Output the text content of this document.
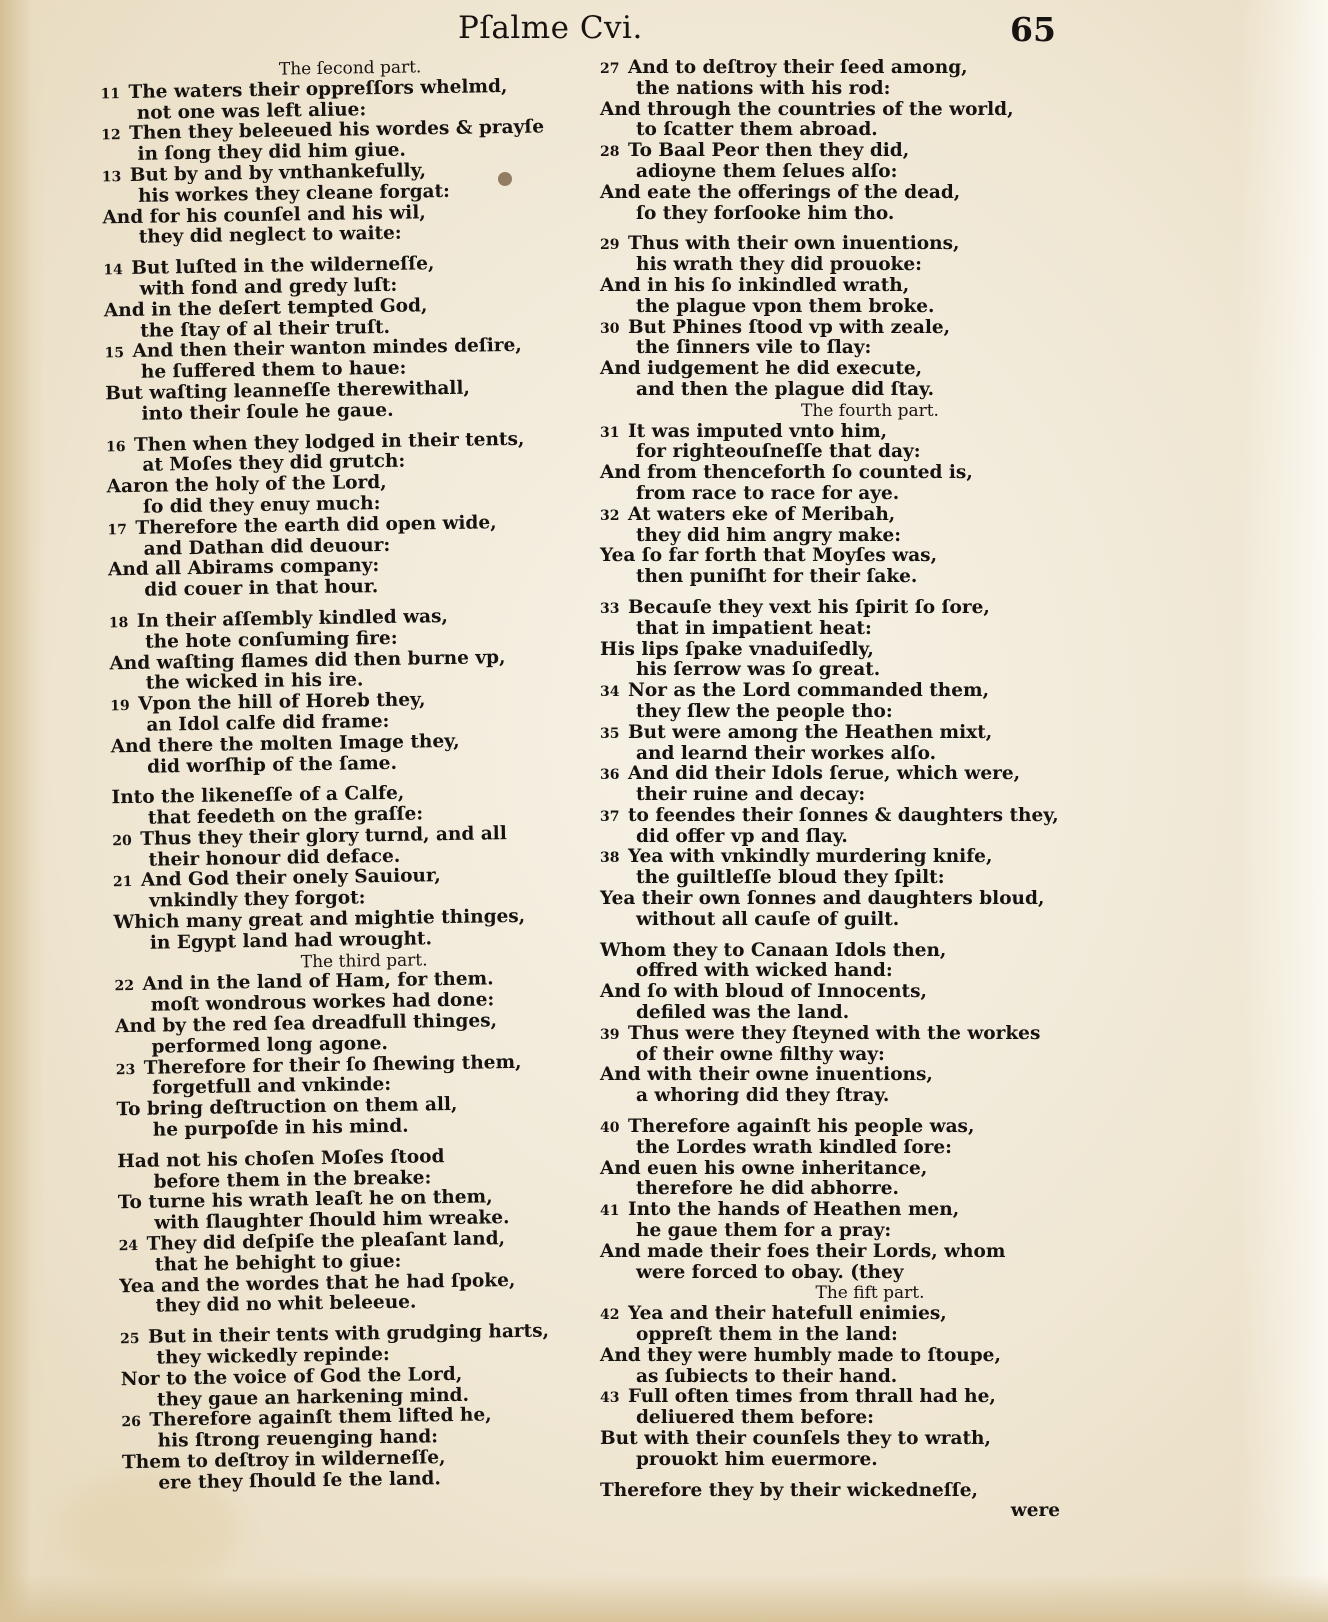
Pſalme Cvi.	65
The ſecond part.
11 The waters their oppreſſors whelmd,
not one was left aliue:
12 Then they beleeued his wordes & prayſe
in ſong they did him giue.
13 But by and by vnthankefully,
his workes they cleane forgat:
And for his counſel and his wil,
they did neglect to waite:
14 But luſted in the wilderneſſe,
with fond and gredy luſt:
And in the deſert tempted God,
the ſtay of al their truſt.
15 And then their wanton mindes deſire,
he ſuffered them to haue:
But waſting leanneſſe therewithall,
into their ſoule he gaue.
16 Then when they lodged in their tents,
at Moſes they did grutch:
Aaron the holy of the Lord,
ſo did they enuy much:
17 Therefore the earth did open wide,
and Dathan did deuour:
And all Abirams company:
did couer in that hour.
18 In their aſſembly kindled was,
the hote conſuming fire:
And waſting flames did then burne vp,
the wicked in his ire.
19 Vpon the hill of Horeb they,
an Idol calfe did frame:
And there the molten Image they,
did worſhip of the ſame.
Into the likeneſſe of a Calfe,
that feedeth on the graſſe:
20 Thus they their glory turnd, and all
their honour did deface.
21 And God their onely Sauiour,
vnkindly they forgot:
Which many great and mightie thinges,
in Egypt land had wrought.
The third part.
22 And in the land of Ham, for them.
moſt wondrous workes had done:
And by the red ſea dreadfull thinges,
performed long agone.
23 Therefore for their ſo ſhewing them,
forgetfull and vnkinde:
To bring deſtruction on them all,
he purpoſde in his mind.
Had not his choſen Moſes ſtood
before them in the breake:
To turne his wrath leaſt he on them,
with ſlaughter ſhould him wreake.
24 They did deſpiſe the pleaſant land,
that he behight to giue:
Yea and the wordes that he had ſpoke,
they did no whit beleeue.
25 But in their tents with grudging harts,
they wickedly repinde:
Nor to the voice of God the Lord,
they gaue an harkening mind.
26 Therefore againſt them lifted he,
his ſtrong reuenging hand:
Them to deſtroy in wilderneſſe,
ere they ſhould ſe the land.
27 And to deſtroy their ſeed among,
the nations with his rod:
And through the countries of the world,
to ſcatter them abroad.
28 To Baal Peor then they did,
adioyne them ſelues alſo:
And eate the offerings of the dead,
ſo they forſooke him tho.
29 Thus with their own inuentions,
his wrath they did prouoke:
And in his ſo inkindled wrath,
the plague vpon them broke.
30 But Phines ſtood vp with zeale,
the ſinners vile to ſlay:
And iudgement he did execute,
and then the plague did ſtay.
The fourth part.
31 It was imputed vnto him,
for righteouſneſſe that day:
And from thenceforth ſo counted is,
from race to race for aye.
32 At waters eke of Meribah,
they did him angry make:
Yea ſo far forth that Moyſes was,
then puniſht for their ſake.
33 Becauſe they vext his ſpirit ſo ſore,
that in impatient heat:
His lips ſpake vnaduiſedly,
his ſerrow was ſo great.
34 Nor as the Lord commanded them,
they ſlew the people tho:
35 But were among the Heathen mixt,
and learnd their workes alſo.
36 And did their Idols ſerue, which were,
their ruine and decay:
37 to feendes their ſonnes & daughters they,
did offer vp and ſlay.
38 Yea with vnkindly murdering knife,
the guiltleſſe bloud they ſpilt:
Yea their own ſonnes and daughters bloud,
without all cauſe of guilt.
Whom they to Canaan Idols then,
offred with wicked hand:
And ſo with bloud of Innocents,
defiled was the land.
39 Thus were they ſteyned with the workes
of their owne filthy way:
And with their owne inuentions,
a whoring did they ſtray.
40 Therefore againſt his people was,
the Lordes wrath kindled ſore:
And euen his owne inheritance,
therefore he did abhorre.
41 Into the hands of Heathen men,
he gaue them for a pray:
And made their foes their Lords, whom
were forced to obay. (they
The fift part.
42 Yea and their hatefull enimies,
oppreſt them in the land:
And they were humbly made to ſtoupe,
as ſubiects to their hand.
43 Full often times from thrall had he,
deliuered them before:
But with their counſels they to wrath,
prouokt him euermore.
Therefore they by their wickedneſſe,
were
